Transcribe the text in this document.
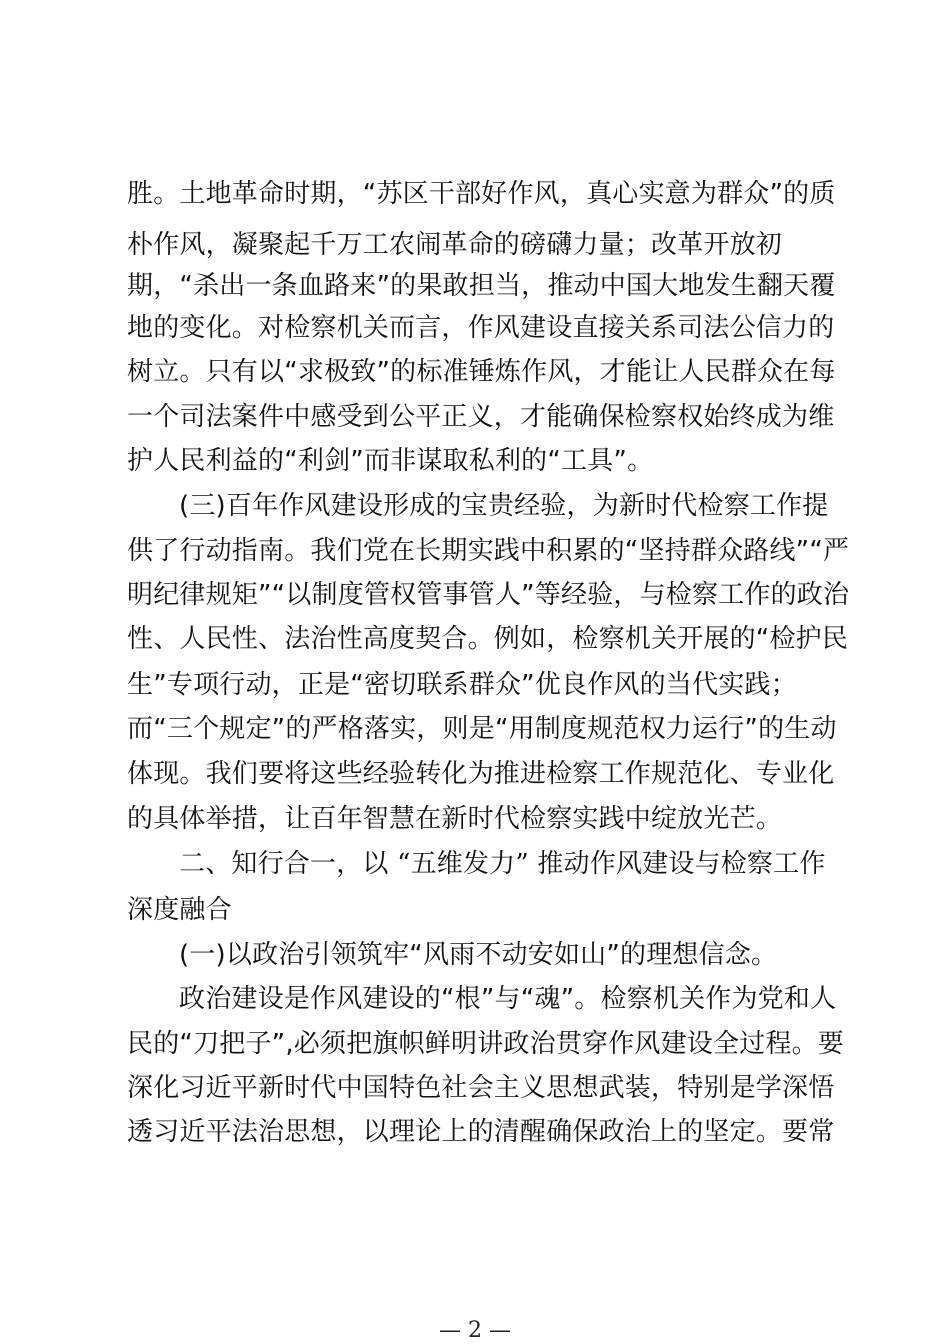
胜。土地革命时期，“苏区干部好作风，真心实意为群众”的质
朴作风，凝聚起千万工农闹革命的磅礴力量；改革开放初
期，“杀出一条血路来”的果敢担当，推动中国大地发生翻天覆
地的变化。对检察机关而言，作风建设直接关系司法公信力的
树立。只有以“求极致”的标准锤炼作风，才能让人民群众在每
一个司法案件中感受到公平正义，才能确保检察权始终成为维
护人民利益的“利剑”而非谋取私利的“工具”。
(三)百年作风建设形成的宝贵经验，为新时代检察工作提
供了行动指南。我们党在长期实践中积累的“坚持群众路线”“严
明纪律规矩”“以制度管权管事管人”等经验，与检察工作的政治
性、人民性、法治性高度契合。例如，检察机关开展的“检护民
生”专项行动，正是“密切联系群众”优良作风的当代实践；
而“三个规定”的严格落实，则是“用制度规范权力运行”的生动
体现。我们要将这些经验转化为推进检察工作规范化、专业化
的具体举措，让百年智慧在新时代检察实践中绽放光芒。
二、知行合一，以 “五维发力” 推动作风建设与检察工作
深度融合
(一)以政治引领筑牢“风雨不动安如山”的理想信念。
政治建设是作风建设的“根”与“魂”。检察机关作为党和人
民的“刀把子”,必须把旗帜鲜明讲政治贯穿作风建设全过程。要
深化习近平新时代中国特色社会主义思想武装，特别是学深悟
透习近平法治思想，以理论上的清醒确保政治上的坚定。要常
— 2 —
